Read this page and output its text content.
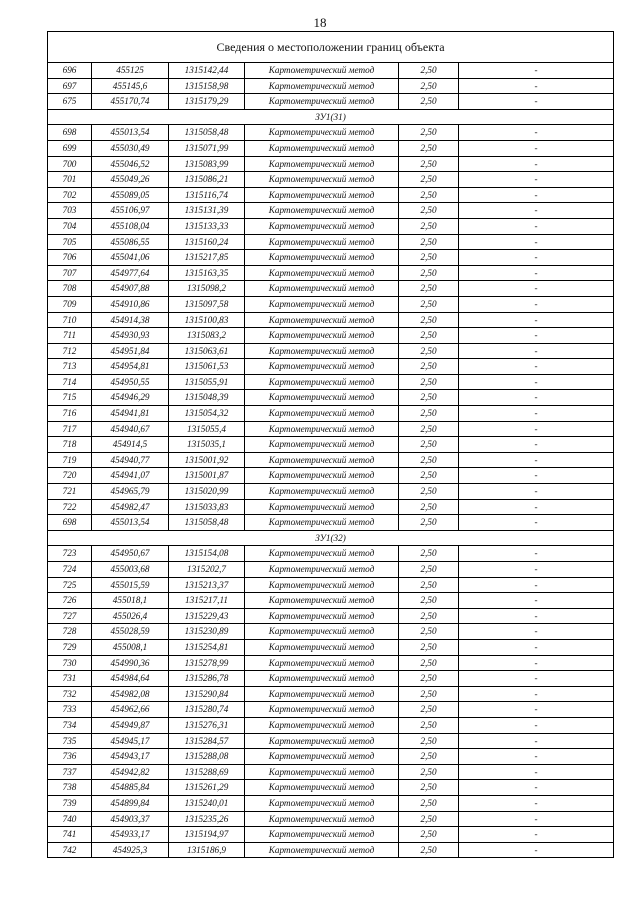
18
Сведения о местоположении границ объекта					
696	455125	1315142,44	Картометрический метод	2,50	-
697	455145,6	1315158,98	Картометрический метод	2,50	-
675	455170,74	1315179,29	Картометрический метод	2,50	-
ЗУ1(31)					
698	455013,54	1315058,48	Картометрический метод	2,50	-
699	455030,49	1315071,99	Картометрический метод	2,50	-
700	455046,52	1315083,99	Картометрический метод	2,50	-
701	455049,26	1315086,21	Картометрический метод	2,50	-
702	455089,05	1315116,74	Картометрический метод	2,50	-
703	455106,97	1315131,39	Картометрический метод	2,50	-
704	455108,04	1315133,33	Картометрический метод	2,50	-
705	455086,55	1315160,24	Картометрический метод	2,50	-
706	455041,06	1315217,85	Картометрический метод	2,50	-
707	454977,64	1315163,35	Картометрический метод	2,50	-
708	454907,88	1315098,2	Картометрический метод	2,50	-
709	454910,86	1315097,58	Картометрический метод	2,50	-
710	454914,38	1315100,83	Картометрический метод	2,50	-
711	454930,93	1315083,2	Картометрический метод	2,50	-
712	454951,84	1315063,61	Картометрический метод	2,50	-
713	454954,81	1315061,53	Картометрический метод	2,50	-
714	454950,55	1315055,91	Картометрический метод	2,50	-
715	454946,29	1315048,39	Картометрический метод	2,50	-
716	454941,81	1315054,32	Картометрический метод	2,50	-
717	454940,67	1315055,4	Картометрический метод	2,50	-
718	454914,5	1315035,1	Картометрический метод	2,50	-
719	454940,77	1315001,92	Картометрический метод	2,50	-
720	454941,07	1315001,87	Картометрический метод	2,50	-
721	454965,79	1315020,99	Картометрический метод	2,50	-
722	454982,47	1315033,83	Картометрический метод	2,50	-
698	455013,54	1315058,48	Картометрический метод	2,50	-
ЗУ1(32)					
723	454950,67	1315154,08	Картометрический метод	2,50	-
724	455003,68	1315202,7	Картометрический метод	2,50	-
725	455015,59	1315213,37	Картометрический метод	2,50	-
726	455018,1	1315217,11	Картометрический метод	2,50	-
727	455026,4	1315229,43	Картометрический метод	2,50	-
728	455028,59	1315230,89	Картометрический метод	2,50	-
729	455008,1	1315254,81	Картометрический метод	2,50	-
730	454990,36	1315278,99	Картометрический метод	2,50	-
731	454984,64	1315286,78	Картометрический метод	2,50	-
732	454982,08	1315290,84	Картометрический метод	2,50	-
733	454962,66	1315280,74	Картометрический метод	2,50	-
734	454949,87	1315276,31	Картометрический метод	2,50	-
735	454945,17	1315284,57	Картометрический метод	2,50	-
736	454943,17	1315288,08	Картометрический метод	2,50	-
737	454942,82	1315288,69	Картометрический метод	2,50	-
738	454885,84	1315261,29	Картометрический метод	2,50	-
739	454899,84	1315240,01	Картометрический метод	2,50	-
740	454903,37	1315235,26	Картометрический метод	2,50	-
741	454933,17	1315194,97	Картометрический метод	2,50	-
742	454925,3	1315186,9	Картометрический метод	2,50	-
